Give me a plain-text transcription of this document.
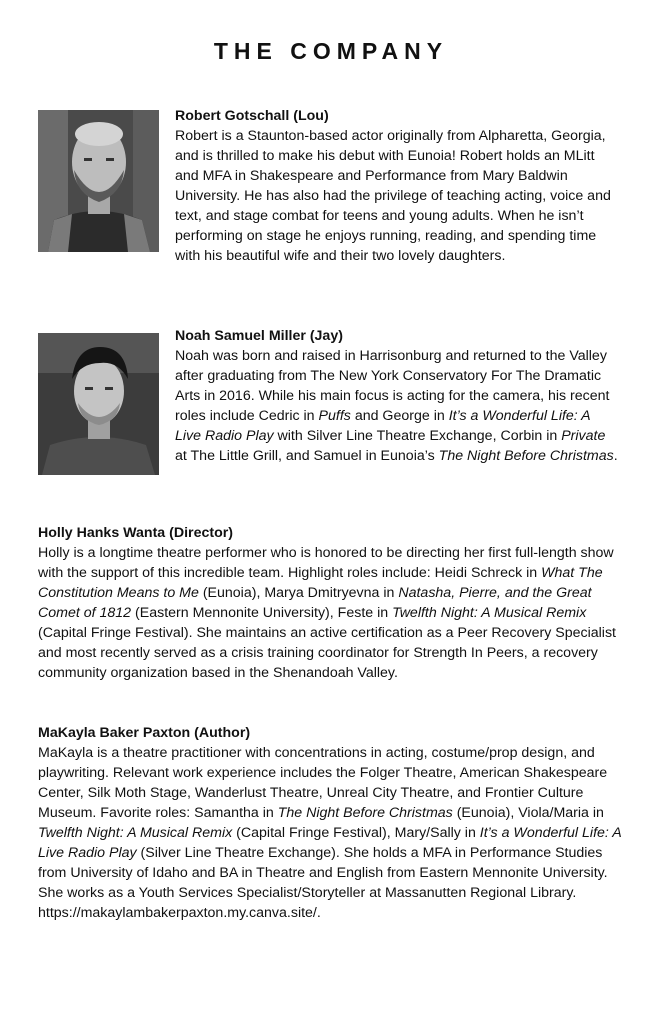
THE COMPANY

Robert Gotschall (Lou)

Robert is a Staunton-based actor originally from Alpharetta, Georgia, and is thrilled to make his debut with Eunoia! Robert holds an MLitt and MFA in Shakespeare and Performance from Mary Baldwin University. He has also had the privilege of teaching acting, voice and text, and stage combat for teens and young adults. When he isn’t performing on stage he enjoys running, reading, and spending time with his beautiful wife and their two lovely daughters.

Noah Samuel Miller (Jay)

Noah was born and raised in Harrisonburg and returned to the Valley after graduating from The New York Conservatory For The Dramatic Arts in 2016. While his main focus is acting for the camera, his recent roles include Cedric in Puffs and George in It’s a Wonderful Life: A Live Radio Play with Silver Line Theatre Exchange, Corbin in Private at The Little Grill, and Samuel in Eunoia’s The Night Before Christmas.

Holly Hanks Wanta (Director)

Holly is a longtime theatre performer who is honored to be directing her first full-length show with the support of this incredible team. Highlight roles include: Heidi Schreck in What The Constitution Means to Me (Eunoia), Marya Dmitryevna in Natasha, Pierre, and the Great Comet of 1812 (Eastern Mennonite University), Feste in Twelfth Night: A Musical Remix (Capital Fringe Festival). She maintains an active certification as a Peer Recovery Specialist and most recently served as a crisis training coordinator for Strength In Peers, a recovery community organization based in the Shenandoah Valley.

MaKayla Baker Paxton (Author)

MaKayla is a theatre practitioner with concentrations in acting, costume/prop design, and playwriting. Relevant work experience includes the Folger Theatre, American Shakespeare Center, Silk Moth Stage, Wanderlust Theatre, Unreal City Theatre, and Frontier Culture Museum. Favorite roles: Samantha in The Night Before Christmas (Eunoia), Viola/Maria in Twelfth Night: A Musical Remix (Capital Fringe Festival), Mary/Sally in It’s a Wonderful Life: A Live Radio Play (Silver Line Theatre Exchange). She holds a MFA in Performance Studies from University of Idaho and BA in Theatre and English from Eastern Mennonite University. She works as a Youth Services Specialist/Storyteller at Massanutten Regional Library. https://makaylambakerpaxton.my.canva.site/.
